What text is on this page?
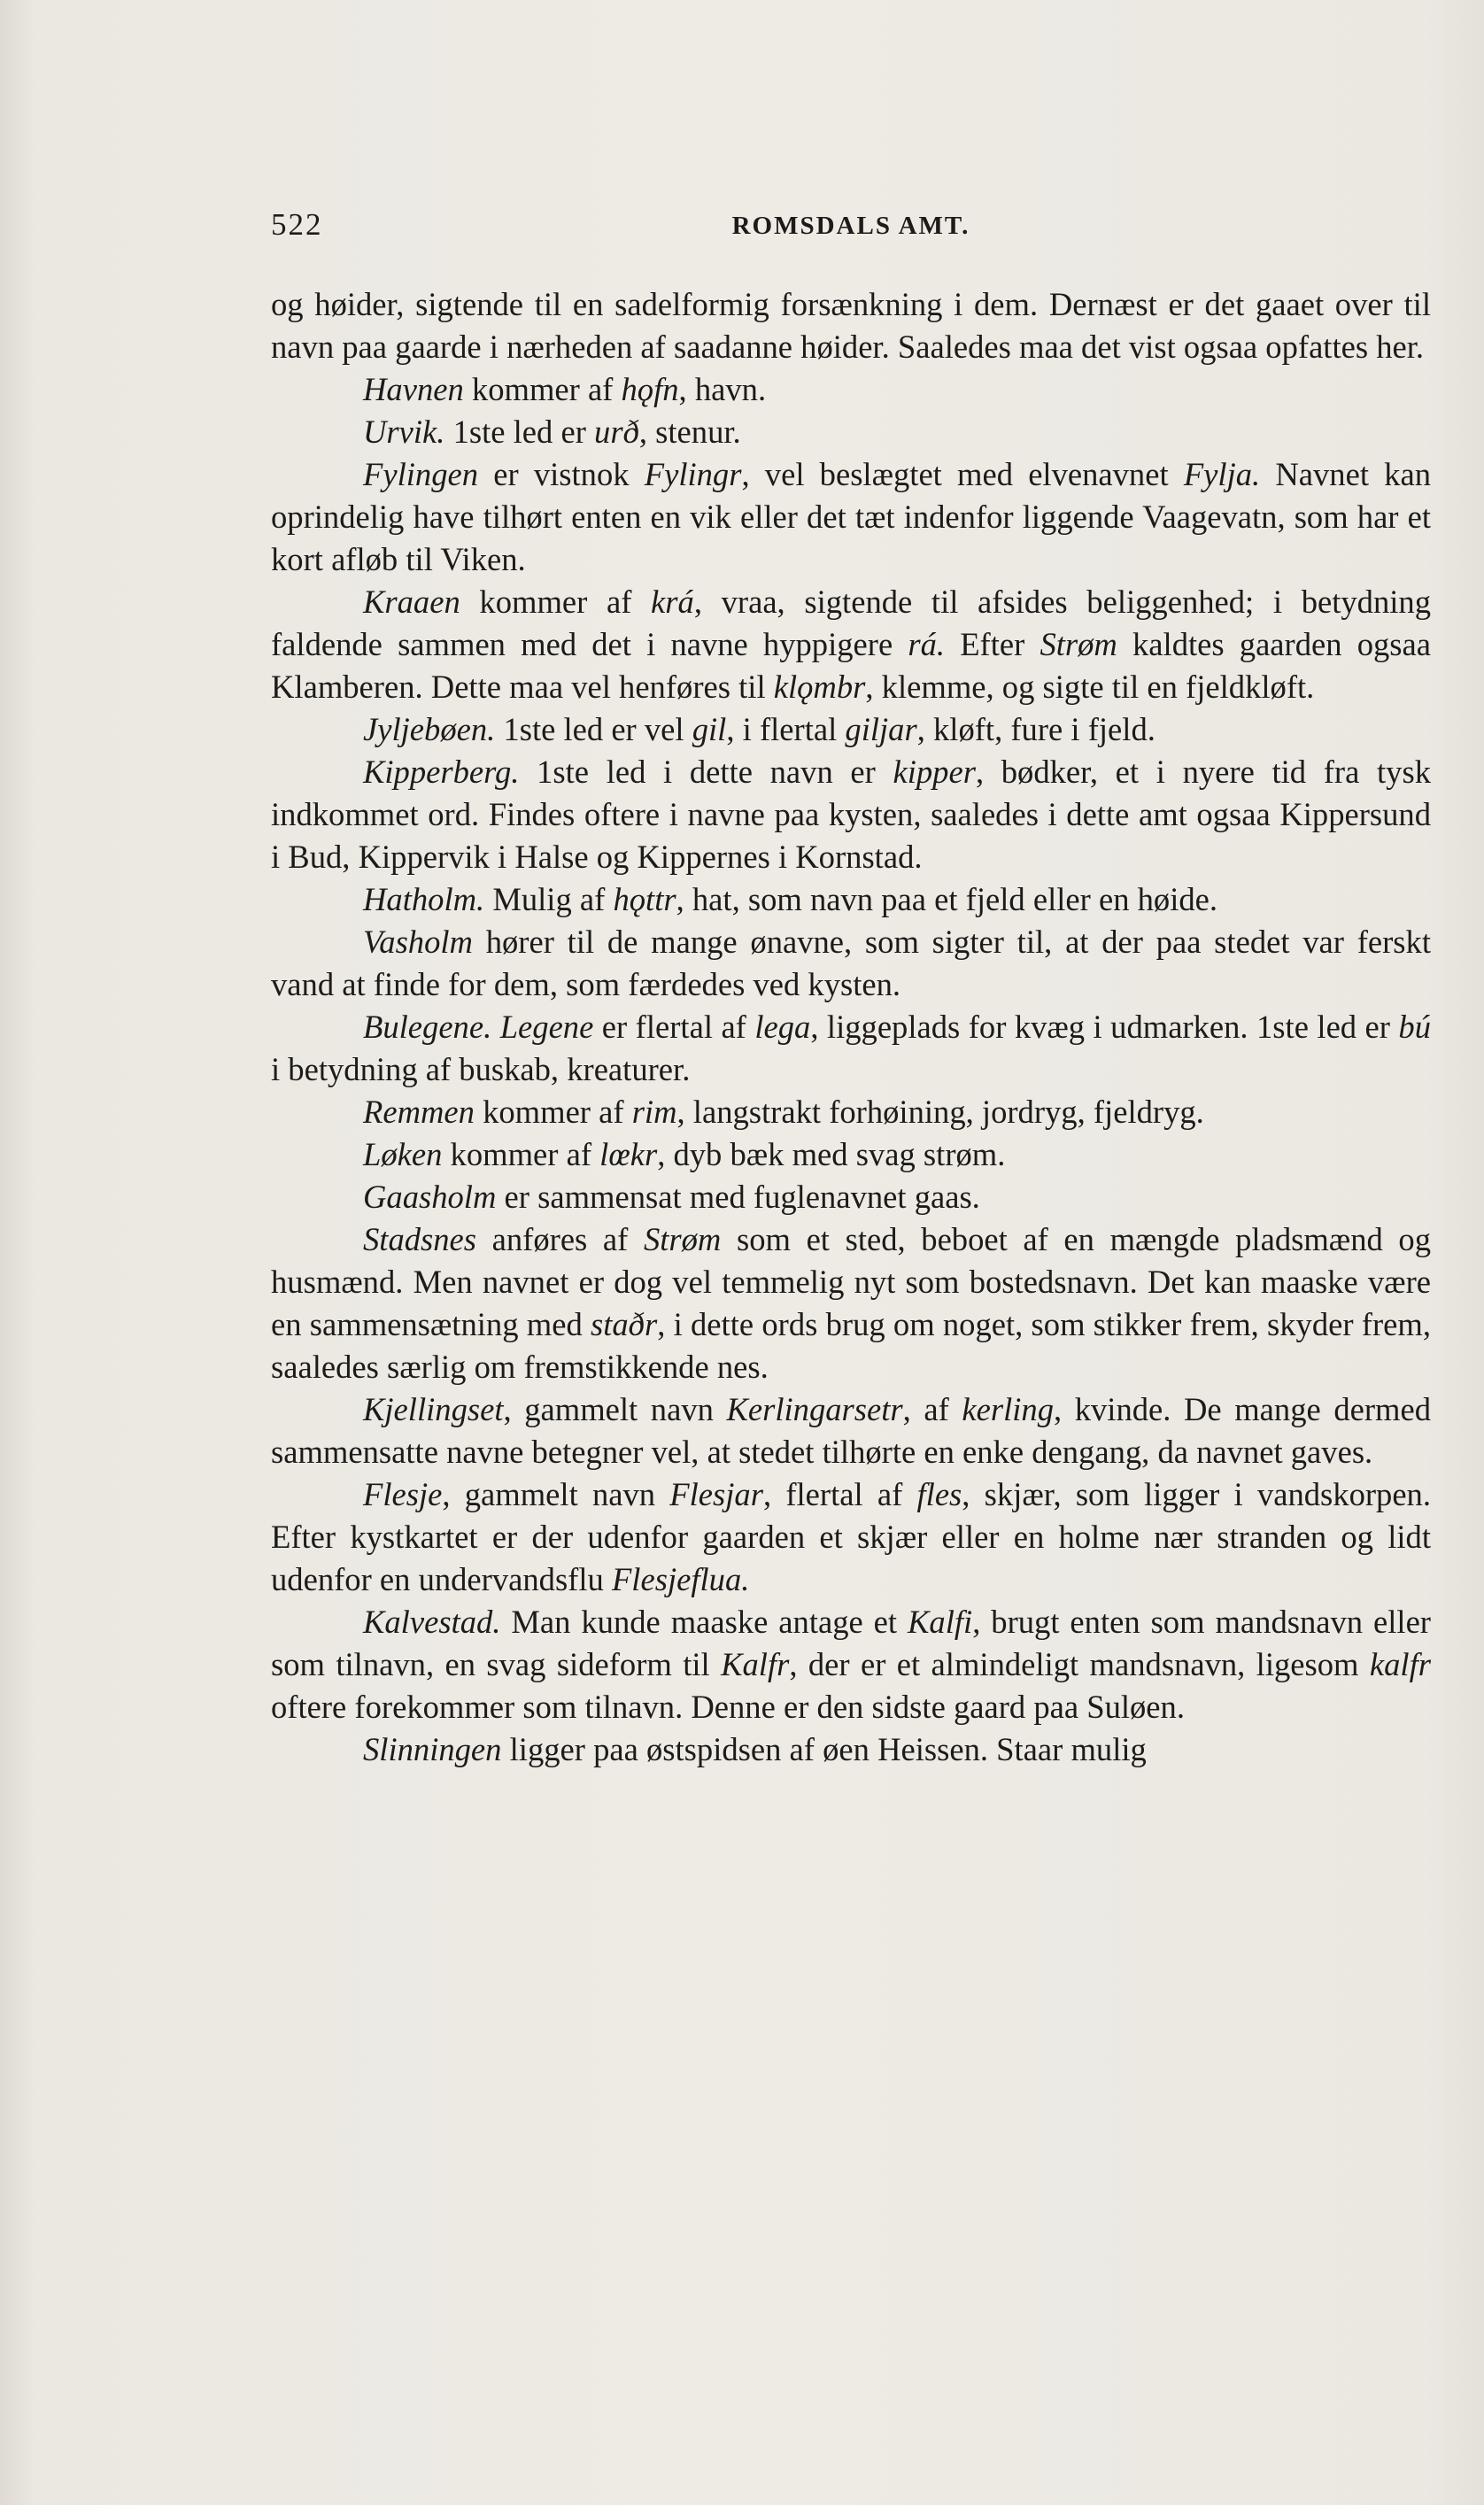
522	ROMSDALS AMT.

og høider, sigtende til en sadelformig forsænkning i dem. Dernæst er det gaaet over til navn paa gaarde i nærheden af saadanne høider. Saaledes maa det vist ogsaa opfattes her.

Havnen kommer af hǫfn, havn.

Urvik. 1ste led er urð, stenur.

Fylingen er vistnok Fylingr, vel beslægtet med elvenavnet Fylja. Navnet kan oprindelig have tilhørt enten en vik eller det tæt indenfor liggende Vaagevatn, som har et kort afløb til Viken.

Kraaen kommer af krá, vraa, sigtende til afsides beliggenhed; i betydning faldende sammen med det i navne hyppigere rá. Efter Strøm kaldtes gaarden ogsaa Klamberen. Dette maa vel henføres til klǫmbr, klemme, og sigte til en fjeldkløft.

Jyljebøen. 1ste led er vel gil, i flertal giljar, kløft, fure i fjeld.

Kipperberg. 1ste led i dette navn er kipper, bødker, et i nyere tid fra tysk indkommet ord. Findes oftere i navne paa kysten, saaledes i dette amt ogsaa Kippersund i Bud, Kippervik i Halse og Kippernes i Kornstad.

Hatholm. Mulig af hǫttr, hat, som navn paa et fjeld eller en høide.

Vasholm hører til de mange ønavne, som sigter til, at der paa stedet var ferskt vand at finde for dem, som færdedes ved kysten.

Bulegene. Legene er flertal af lega, liggeplads for kvæg i udmarken. 1ste led er bú i betydning af buskab, kreaturer.

Remmen kommer af rim, langstrakt forhøining, jordryg, fjeldryg.

Løken kommer af lœkr, dyb bæk med svag strøm.

Gaasholm er sammensat med fuglenavnet gaas.

Stadsnes anføres af Strøm som et sted, beboet af en mængde pladsmænd og husmænd. Men navnet er dog vel temmelig nyt som bostedsnavn. Det kan maaske være en sammensætning med staðr, i dette ords brug om noget, som stikker frem, skyder frem, saaledes særlig om fremstikkende nes.

Kjellingset, gammelt navn Kerlingarsetr, af kerling, kvinde. De mange dermed sammensatte navne betegner vel, at stedet tilhørte en enke dengang, da navnet gaves.

Flesje, gammelt navn Flesjar, flertal af fles, skjær, som ligger i vandskorpen. Efter kystkartet er der udenfor gaarden et skjær eller en holme nær stranden og lidt udenfor en undervandsflu Flesjeflua.

Kalvestad. Man kunde maaske antage et Kalfi, brugt enten som mandsnavn eller som tilnavn, en svag sideform til Kalfr, der er et almindeligt mandsnavn, ligesom kalfr oftere forekommer som tilnavn. Denne er den sidste gaard paa Suløen.

Slinningen ligger paa østspidsen af øen Heissen. Staar mulig
